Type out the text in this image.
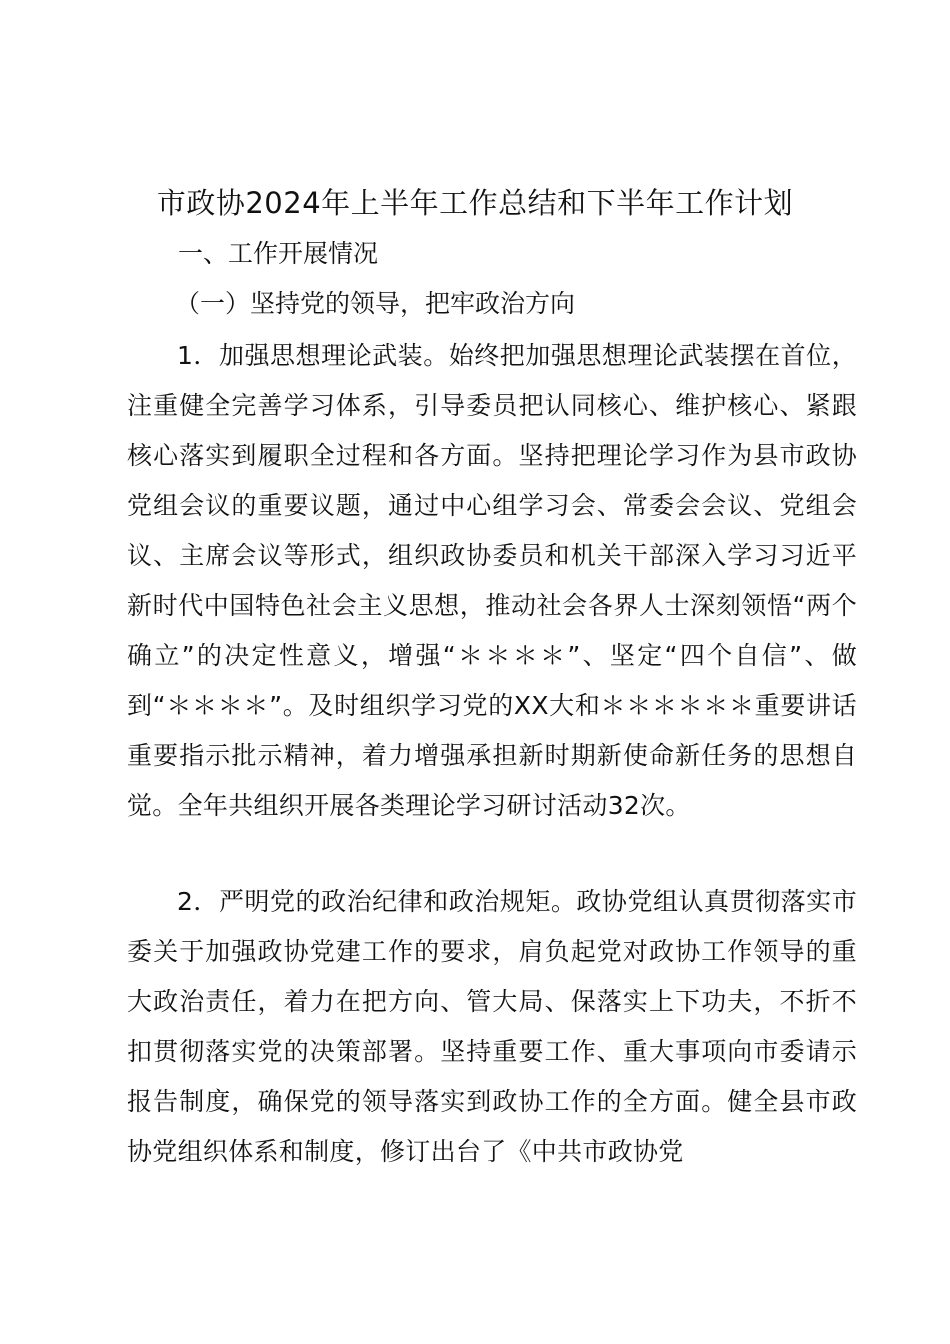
市政协2024年上半年工作总结和下半年工作计划
一、工作开展情况
（一）坚持党的领导，把牢政治方向
1．加强思想理论武装。始终把加强思想理论武装摆在首位，注重健全完善学习体系，引导委员把认同核心、维护核心、紧跟核心落实到履职全过程和各方面。坚持把理论学习作为县市政协党组会议的重要议题，通过中心组学习会、常委会会议、党组会议、主席会议等形式，组织政协委员和机关干部深入学习习近平新时代中国特色社会主义思想，推动社会各界人士深刻领悟“两个确立”的决定性意义，增强“＊＊＊＊”、坚定“四个自信”、做到“＊＊＊＊”。及时组织学习党的XX大和＊＊＊＊＊＊重要讲话重要指示批示精神，着力增强承担新时期新使命新任务的思想自觉。全年共组织开展各类理论学习研讨活动32次。
2．严明党的政治纪律和政治规矩。政协党组认真贯彻落实市委关于加强政协党建工作的要求，肩负起党对政协工作领导的重大政治责任，着力在把方向、管大局、保落实上下功夫，不折不扣贯彻落实党的决策部署。坚持重要工作、重大事项向市委请示报告制度，确保党的领导落实到政协工作的全方面。健全县市政协党组织体系和制度，修订出台了《中共市政协党
